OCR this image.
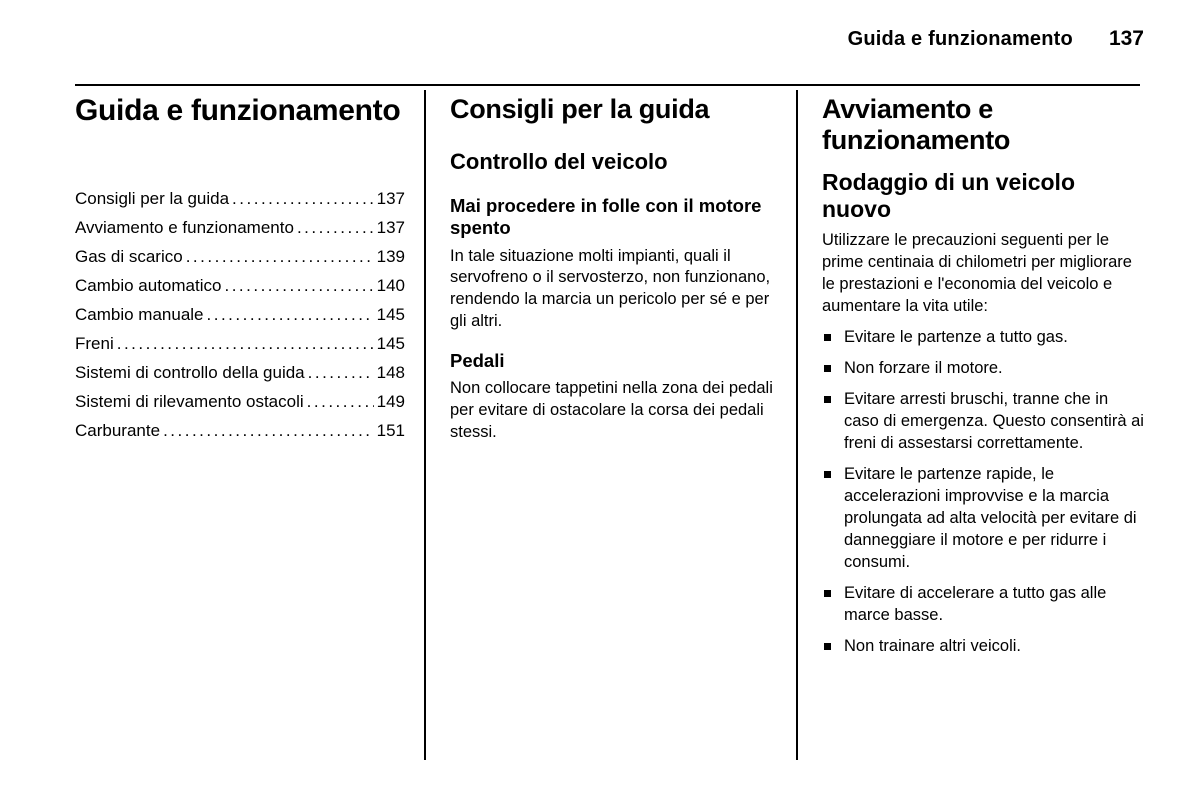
Guida e funzionamento 137
Guida e funzionamento
Consigli per la guida .....	137
Avviamento e funzionamento .....	137
Gas di scarico .....	139
Cambio automatico .....	140
Cambio manuale .....	145
Freni .....	145
Sistemi di controllo della guida .....	148
Sistemi di rilevamento ostacoli .....	149
Carburante .....	151
Consigli per la guida
Controllo del veicolo
Mai procedere in folle con il motore spento
In tale situazione molti impianti, quali il servofreno o il servosterzo, non funzionano, rendendo la marcia un pericolo per sé e per gli altri.
Pedali
Non collocare tappetini nella zona dei pedali per evitare di ostacolare la corsa dei pedali stessi.
Avviamento e funzionamento
Rodaggio di un veicolo nuovo
Utilizzare le precauzioni seguenti per le prime centinaia di chilometri per migliorare le prestazioni e l'economia del veicolo e aumentare la vita utile:
Evitare le partenze a tutto gas.
Non forzare il motore.
Evitare arresti bruschi, tranne che in caso di emergenza. Questo consentirà ai freni di assestarsi correttamente.
Evitare le partenze rapide, le accelerazioni improvvise e la marcia prolungata ad alta velocità per evitare di danneggiare il motore e per ridurre i consumi.
Evitare di accelerare a tutto gas alle marce basse.
Non trainare altri veicoli.
